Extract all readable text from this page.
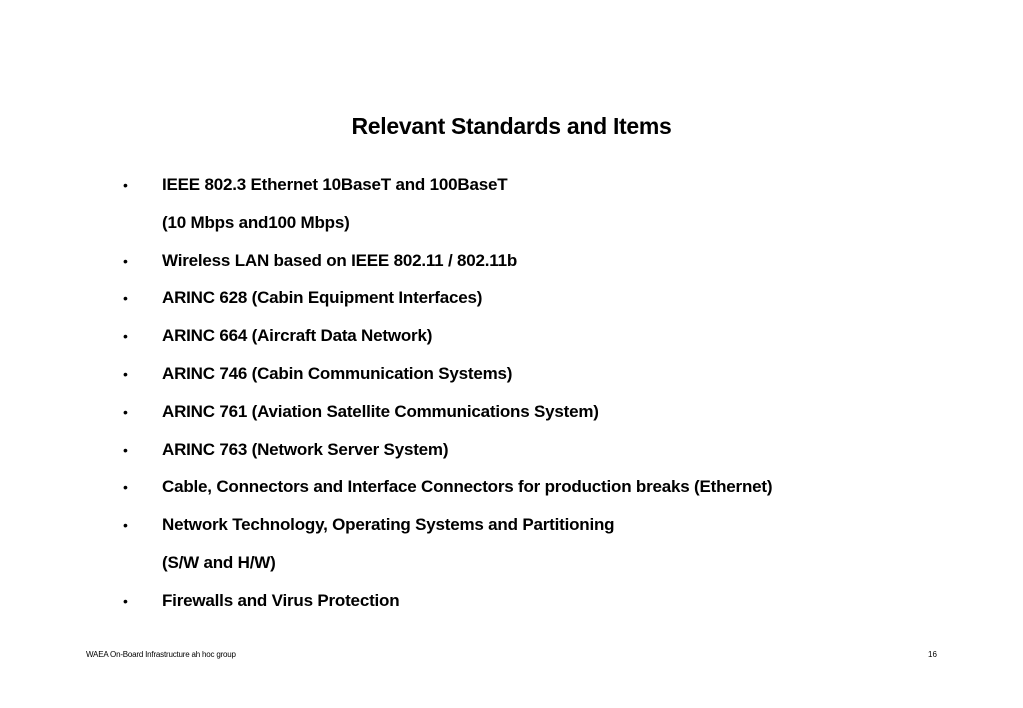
Relevant Standards and Items
• IEEE 802.3 Ethernet 10BaseT and 100BaseT
(10 Mbps and100 Mbps)
• Wireless LAN based on IEEE 802.11 / 802.11b
• ARINC 628 (Cabin Equipment Interfaces)
• ARINC 664 (Aircraft Data Network)
• ARINC 746 (Cabin Communication Systems)
• ARINC 761 (Aviation Satellite Communications System)
• ARINC 763 (Network Server System)
• Cable, Connectors and Interface Connectors for production breaks (Ethernet)
• Network Technology, Operating Systems and Partitioning
(S/W and H/W)
• Firewalls and Virus Protection
WAEA On-Board Infrastructure ah hoc group	16
